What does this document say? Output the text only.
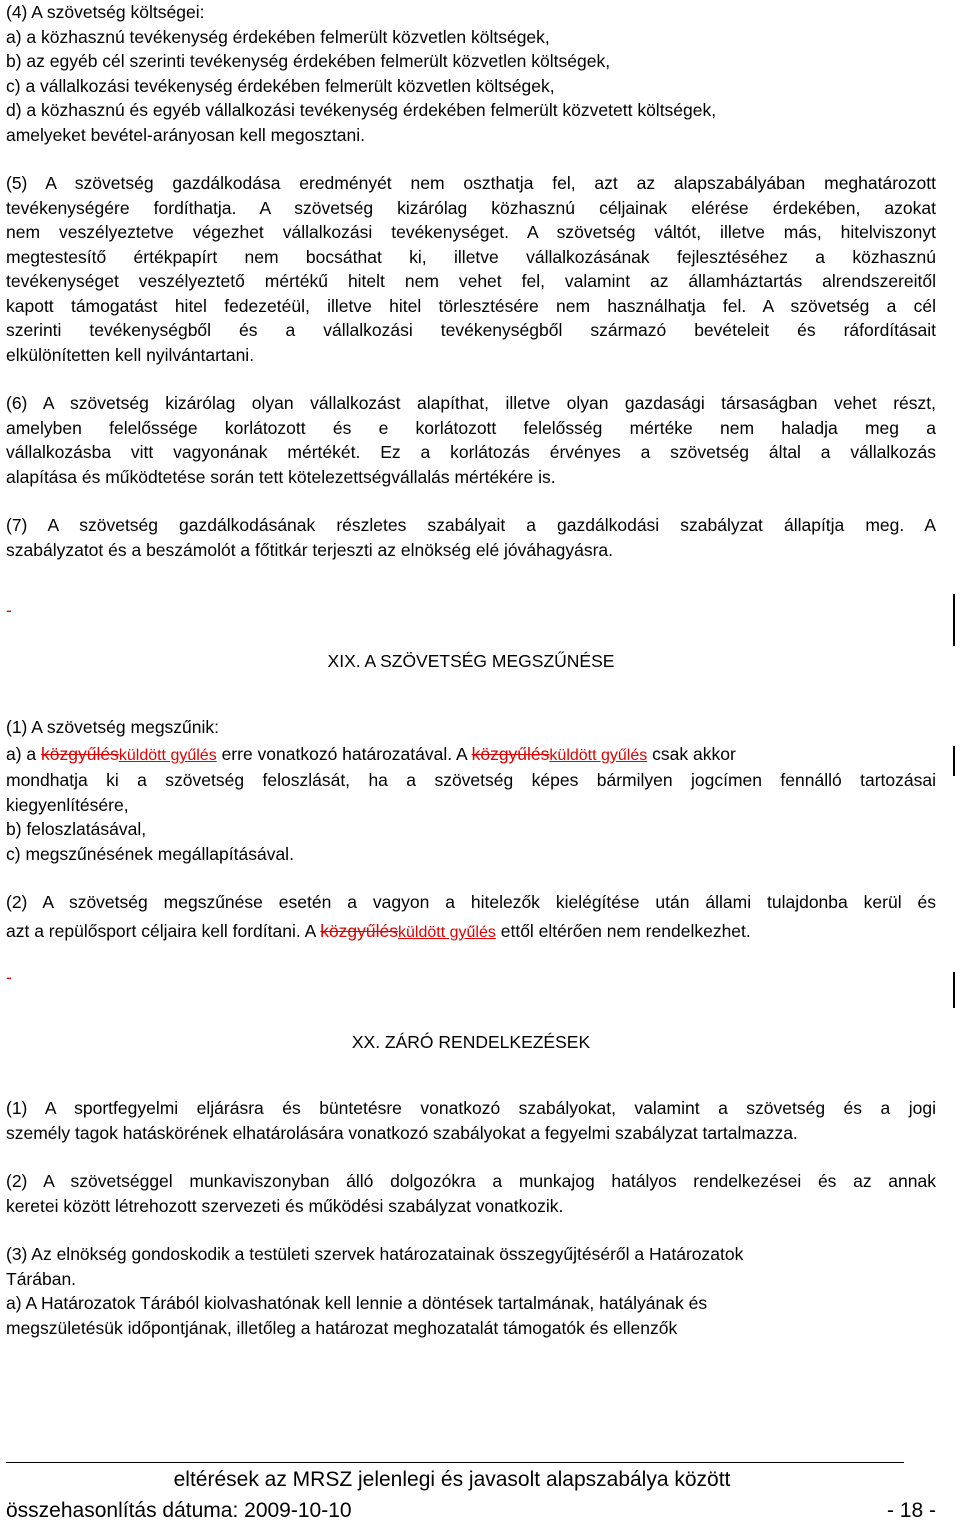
(4) A szövetség költségei:
a) a közhasznú tevékenység érdekében felmerült közvetlen költségek,
b) az egyéb cél szerinti tevékenység érdekében felmerült közvetlen költségek,
c) a vállalkozási tevékenység érdekében felmerült közvetlen költségek,
d) a közhasznú és egyéb vállalkozási tevékenység érdekében felmerült közvetett költségek,
amelyeket bevétel-arányosan kell megosztani.
(5) A szövetség gazdálkodása eredményét nem oszthatja fel, azt az alapszabályában meghatározott
tevékenységére fordíthatja. A szövetség kizárólag közhasznú céljainak elérése érdekében, azokat
nem veszélyeztetve végezhet vállalkozási tevékenységet. A szövetség váltót, illetve más, hitelviszonyt
megtestesítő értékpapírt nem bocsáthat ki, illetve vállalkozásának fejlesztéséhez a közhasznú
tevékenységet veszélyeztető mértékű hitelt nem vehet fel, valamint az államháztartás alrendszereitől
kapott támogatást hitel fedezetéül, illetve hitel törlesztésére nem használhatja fel. A szövetség a cél
szerinti tevékenységből és a vállalkozási tevékenységből származó bevételeit és ráfordításait
elkülönítetten kell nyilvántartani.
(6) A szövetség kizárólag olyan vállalkozást alapíthat, illetve olyan gazdasági társaságban vehet részt,
amelyben felelőssége korlátozott és e korlátozott felelősség mértéke nem haladja meg a
vállalkozásba vitt vagyonának mértékét. Ez a korlátozás érvényes a szövetség által a vállalkozás
alapítása és működtetése során tett kötelezettségvállalás mértékére is.
(7) A szövetség gazdálkodásának részletes szabályait a gazdálkodási szabályzat állapítja meg. A
szabályzatot és a beszámolót a főtitkár terjeszti az elnökség elé jóváhagyásra.
-
XIX. A SZÖVETSÉG MEGSZŰNÉSE
(1) A szövetség megszűnik:
a) a közgyűlésküldött gyűlés erre vonatkozó határozatával. A közgyűlésküldött gyűlés csak akkor
mondhatja ki a szövetség feloszlását, ha a szövetség képes bármilyen jogcímen fennálló tartozásai
kiegyenlítésére,
b) feloszlatásával,
c) megszűnésének megállapításával.
(2) A szövetség megszűnése esetén a vagyon a hitelezők kielégítése után állami tulajdonba kerül és
azt a repülősport céljaira kell fordítani. A közgyűlésküldött gyűlés ettől eltérően nem rendelkezhet.
-
XX. ZÁRÓ RENDELKEZÉSEK
(1) A sportfegyelmi eljárásra és büntetésre vonatkozó szabályokat, valamint a szövetség és a jogi
személy tagok hatáskörének elhatárolására vonatkozó szabályokat a fegyelmi szabályzat tartalmazza.
(2) A szövetséggel munkaviszonyban álló dolgozókra a munkajog hatályos rendelkezései és az annak
keretei között létrehozott szervezeti és működési szabályzat vonatkozik.
(3) Az elnökség gondoskodik a testületi szervek határozatainak összegyűjtéséről a Határozatok
Tárában.
a) A Határozatok Tárából kiolvashatónak kell lennie a döntések tartalmának, hatályának és
megszületésük időpontjának, illetőleg a határozat meghozatalát támogatók és ellenzők
eltérések az MRSZ jelenlegi és javasolt alapszabálya között
összehasonlítás dátuma: 2009-10-10	- 18 -
